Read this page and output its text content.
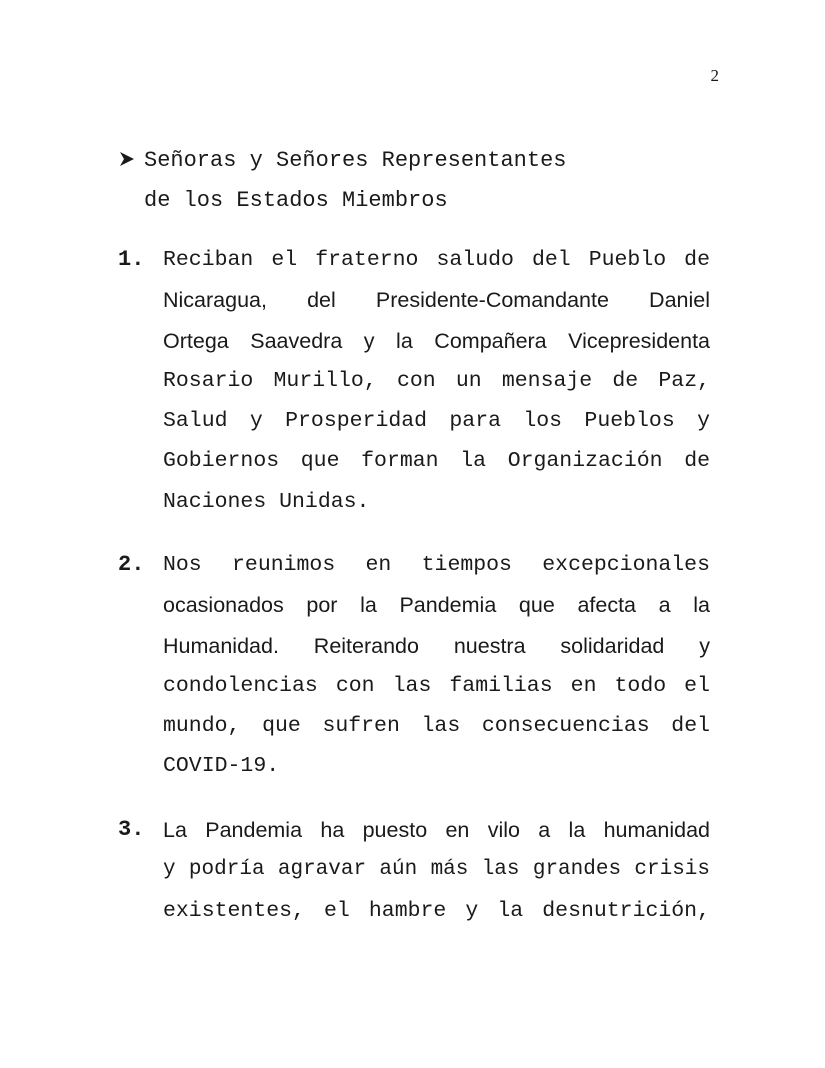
2
Señoras y Señores Representantes
de los Estados Miembros
1. Reciban el fraterno saludo del Pueblo de
Nicaragua, del Presidente-Comandante Daniel
Ortega Saavedra y la Compañera Vicepresidenta
Rosario Murillo, con un mensaje de Paz,
Salud y Prosperidad para los Pueblos y
Gobiernos que forman la Organización de
Naciones Unidas.
2. Nos reunimos en tiempos excepcionales
ocasionados por la Pandemia que afecta a la
Humanidad. Reiterando nuestra solidaridad y
condolencias con las familias en todo el
mundo, que sufren las consecuencias del
COVID-19.
3. La Pandemia ha puesto en vilo a la humanidad
y podría agravar aún más las grandes crisis
existentes, el hambre y la desnutrición,
